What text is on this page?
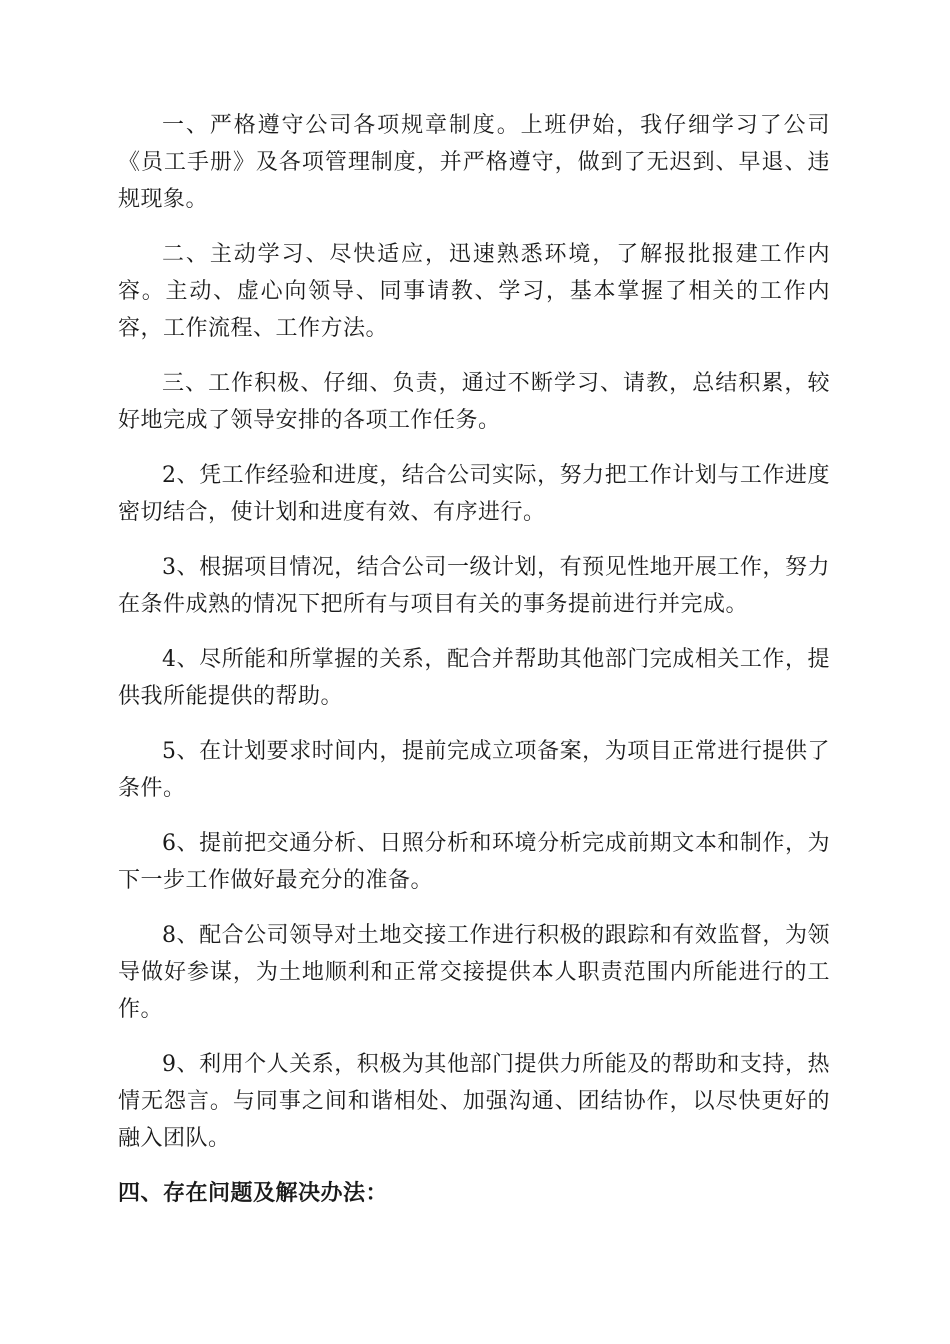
一、严格遵守公司各项规章制度。上班伊始，我仔细学习了公司《员工手册》及各项管理制度，并严格遵守，做到了无迟到、早退、违规现象。

二、主动学习、尽快适应，迅速熟悉环境，了解报批报建工作内容。主动、虚心向领导、同事请教、学习，基本掌握了相关的工作内容，工作流程、工作方法。

三、工作积极、仔细、负责，通过不断学习、请教，总结积累，较好地完成了领导安排的各项工作任务。

2、凭工作经验和进度，结合公司实际，努力把工作计划与工作进度密切结合，使计划和进度有效、有序进行。

3、根据项目情况，结合公司一级计划，有预见性地开展工作，努力在条件成熟的情况下把所有与项目有关的事务提前进行并完成。

4、尽所能和所掌握的关系，配合并帮助其他部门完成相关工作，提供我所能提供的帮助。

5、在计划要求时间内，提前完成立项备案，为项目正常进行提供了条件。

6、提前把交通分析、日照分析和环境分析完成前期文本和制作，为下一步工作做好最充分的准备。

8、配合公司领导对土地交接工作进行积极的跟踪和有效监督，为领导做好参谋，为土地顺利和正常交接提供本人职责范围内所能进行的工作。

9、利用个人关系，积极为其他部门提供力所能及的帮助和支持，热情无怨言。与同事之间和谐相处、加强沟通、团结协作，以尽快更好的融入团队。

四、存在问题及解决办法：
